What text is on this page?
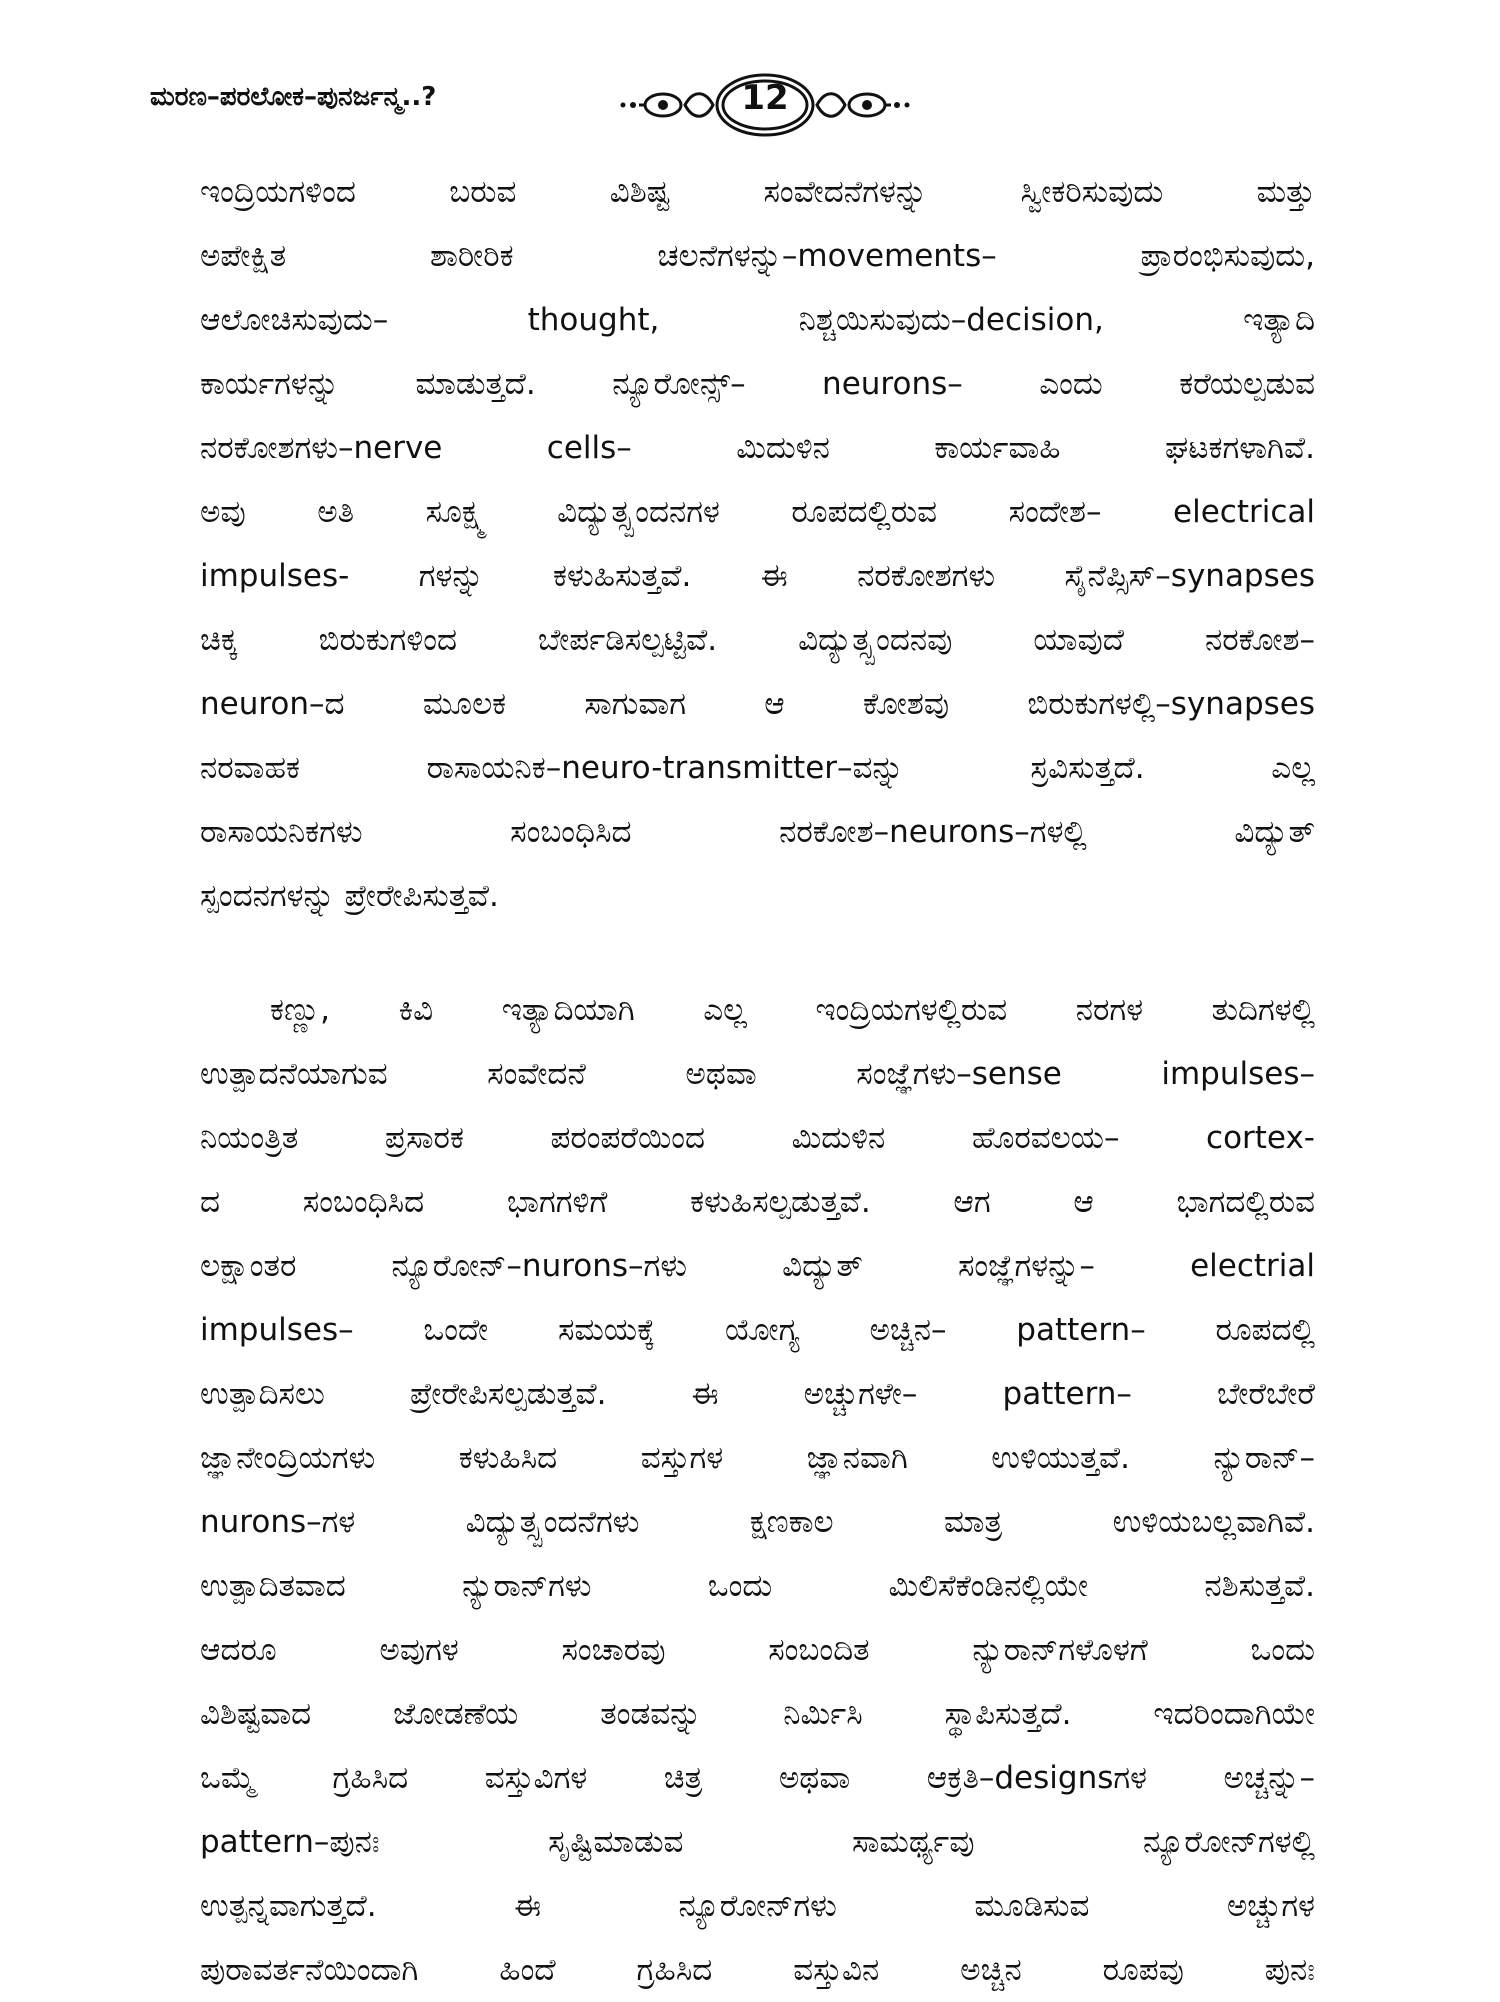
ಮರಣ–ಪರಲೋಕ–ಪುನರ್ಜನ್ಮ..?	12
ಇಂದ್ರಿಯಗಳಿಂದ ಬರುವ ವಿಶಿಷ್ಟ ಸಂವೇದನೆಗಳನ್ನು ಸ್ವೀಕರಿಸುವುದು ಮತ್ತು
ಅಪೇಕ್ಷಿತ ಶಾರೀರಿಕ ಚಲನೆಗಳನ್ನು–movements– ಪ್ರಾರಂಭಿಸುವುದು,
ಆಲೋಚಿಸುವುದು– thought, ನಿಶ್ಚಯಿಸುವುದು–decision, ಇತ್ಯಾದಿ
ಕಾರ್ಯಗಳನ್ನು ಮಾಡುತ್ತದೆ. ನ್ಯೂರೋನ್ಸ್– neurons– ಎಂದು ಕರೆಯಲ್ಪಡುವ
ನರಕೋಶಗಳು–nerve cells– ಮಿದುಳಿನ ಕಾರ್ಯವಾಹಿ ಘಟಕಗಳಾಗಿವೆ.
ಅವು ಅತಿ ಸೂಕ್ಷ್ಮ ವಿದ್ಯುತ್ಸ್ಪಂದನಗಳ ರೂಪದಲ್ಲಿರುವ ಸಂದೇಶ– electrical
impulses- ಗಳನ್ನು ಕಳುಹಿಸುತ್ತವೆ. ಈ ನರಕೋಶಗಳು ಸೈನೆಪ್ಸಿಸ್–synapses
ಚಿಕ್ಕ ಬಿರುಕುಗಳಿಂದ ಬೇರ್ಪಡಿಸಲ್ಪಟ್ಟಿವೆ. ವಿದ್ಯುತ್ಸ್ಪಂದನವು ಯಾವುದೆ ನರಕೋಶ–
neuron–ದ ಮೂಲಕ ಸಾಗುವಾಗ ಆ ಕೋಶವು ಬಿರುಕುಗಳಲ್ಲಿ–synapses
ನರವಾಹಕ ರಾಸಾಯನಿಕ–neuro-transmitter–ವನ್ನು ಸ್ರವಿಸುತ್ತದೆ. ಎಲ್ಲ
ರಾಸಾಯನಿಕಗಳು ಸಂಬಂಧಿಸಿದ ನರಕೋಶ–neurons–ಗಳಲ್ಲಿ ವಿದ್ಯುತ್
ಸ್ಪಂದನಗಳನ್ನು ಪ್ರೇರೇಪಿಸುತ್ತವೆ.
ಕಣ್ಣು, ಕಿವಿ ಇತ್ಯಾದಿಯಾಗಿ ಎಲ್ಲ ಇಂದ್ರಿಯಗಳಲ್ಲಿರುವ ನರಗಳ ತುದಿಗಳಲ್ಲಿ
ಉತ್ಪಾದನೆಯಾಗುವ ಸಂವೇದನೆ ಅಥವಾ ಸಂಜ್ಞೆಗಳು–sense impulses–
ನಿಯಂತ್ರಿತ ಪ್ರಸಾರಕ ಪರಂಪರೆಯಿಂದ ಮಿದುಳಿನ ಹೊರವಲಯ– cortex-
ದ ಸಂಬಂಧಿಸಿದ ಭಾಗಗಳಿಗೆ ಕಳುಹಿಸಲ್ಪಡುತ್ತವೆ. ಆಗ ಆ ಭಾಗದಲ್ಲಿರುವ
ಲಕ್ಷಾಂತರ ನ್ಯೂರೋನ್–nurons–ಗಳು ವಿದ್ಯುತ್ ಸಂಜ್ಞೆಗಳನ್ನು– electrial
impulses– ಒಂದೇ ಸಮಯಕ್ಕೆ ಯೋಗ್ಯ ಅಚ್ಚಿನ– pattern– ರೂಪದಲ್ಲಿ
ಉತ್ಪಾದಿಸಲು ಪ್ರೇರೇಪಿಸಲ್ಪಡುತ್ತವೆ. ಈ ಅಚ್ಚುಗಳೇ– pattern– ಬೇರೆಬೇರೆ
ಜ್ಞಾನೇಂದ್ರಿಯಗಳು ಕಳುಹಿಸಿದ ವಸ್ತುಗಳ ಜ್ಞಾನವಾಗಿ ಉಳಿಯುತ್ತವೆ. ನ್ಯುರಾನ್–
nurons–ಗಳ ವಿದ್ಯುತ್ಸ್ಪಂದನೆಗಳು ಕ್ಷಣಕಾಲ ಮಾತ್ರ ಉಳಿಯಬಲ್ಲವಾಗಿವೆ.
ಉತ್ಪಾದಿತವಾದ ನ್ಯುರಾನ್‌ಗಳು ಒಂದು ಮಿಲಿಸೆಕೆಂಡಿನಲ್ಲಿಯೇ ನಶಿಸುತ್ತವೆ.
ಆದರೂ ಅವುಗಳ ಸಂಚಾರವು ಸಂಬಂದಿತ ನ್ಯುರಾನ್‌ಗಳೊಳಗೆ ಒಂದು
ವಿಶಿಷ್ಟವಾದ ಜೋಡಣೆಯ ತಂಡವನ್ನು ನಿರ್ಮಿಸಿ ಸ್ಥಾಪಿಸುತ್ತದೆ. ಇದರಿಂದಾಗಿಯೇ
ಒಮ್ಮೆ ಗ್ರಹಿಸಿದ ವಸ್ತುವಿಗಳ ಚಿತ್ರ ಅಥವಾ ಆಕ್ರತಿ–designsಗಳ ಅಚ್ಚನ್ನು–
pattern–ಪುನಃ ಸೃಷ್ಟಿಮಾಡುವ ಸಾಮರ್ಥ್ಯವು ನ್ಯೂರೋನ್‌ಗಳಲ್ಲಿ
ಉತ್ಪನ್ನವಾಗುತ್ತದೆ. ಈ ನ್ಯೂರೋನ್‌ಗಳು ಮೂಡಿಸುವ ಅಚ್ಚುಗಳ
ಪುರಾವರ್ತನೆಯಿಂದಾಗಿ ಹಿಂದೆ ಗ್ರಹಿಸಿದ ವಸ್ತುವಿನ ಅಚ್ಚಿನ ರೂಪವು ಪುನಃ
